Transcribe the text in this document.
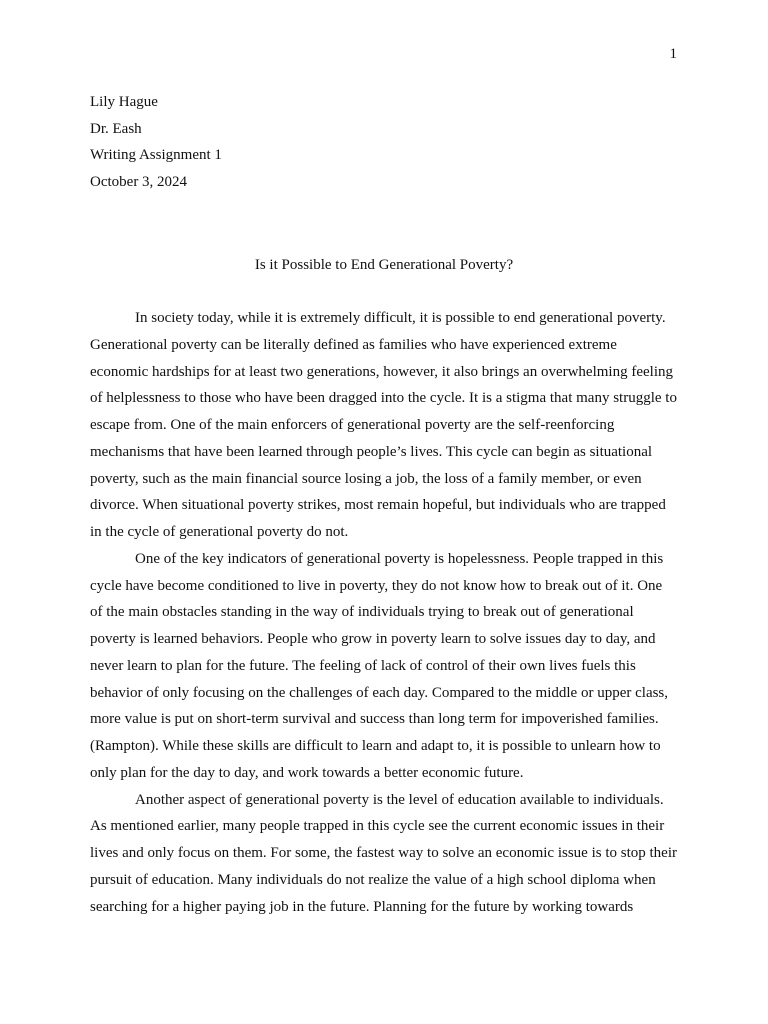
1
Lily Hague
Dr. Eash
Writing Assignment 1
October 3, 2024
Is it Possible to End Generational Poverty?

In society today, while it is extremely difficult, it is possible to end generational poverty. Generational poverty can be literally defined as families who have experienced extreme economic hardships for at least two generations, however, it also brings an overwhelming feeling of helplessness to those who have been dragged into the cycle. It is a stigma that many struggle to escape from. One of the main enforcers of generational poverty are the self-reenforcing mechanisms that have been learned through people’s lives. This cycle can begin as situational poverty, such as the main financial source losing a job, the loss of a family member, or even divorce. When situational poverty strikes, most remain hopeful, but individuals who are trapped in the cycle of generational poverty do not.

One of the key indicators of generational poverty is hopelessness. People trapped in this cycle have become conditioned to live in poverty, they do not know how to break out of it. One of the main obstacles standing in the way of individuals trying to break out of generational poverty is learned behaviors. People who grow in poverty learn to solve issues day to day, and never learn to plan for the future. The feeling of lack of control of their own lives fuels this behavior of only focusing on the challenges of each day. Compared to the middle or upper class, more value is put on short-term survival and success than long term for impoverished families. (Rampton). While these skills are difficult to learn and adapt to, it is possible to unlearn how to only plan for the day to day, and work towards a better economic future.

Another aspect of generational poverty is the level of education available to individuals. As mentioned earlier, many people trapped in this cycle see the current economic issues in their lives and only focus on them. For some, the fastest way to solve an economic issue is to stop their pursuit of education. Many individuals do not realize the value of a high school diploma when searching for a higher paying job in the future. Planning for the future by working towards
